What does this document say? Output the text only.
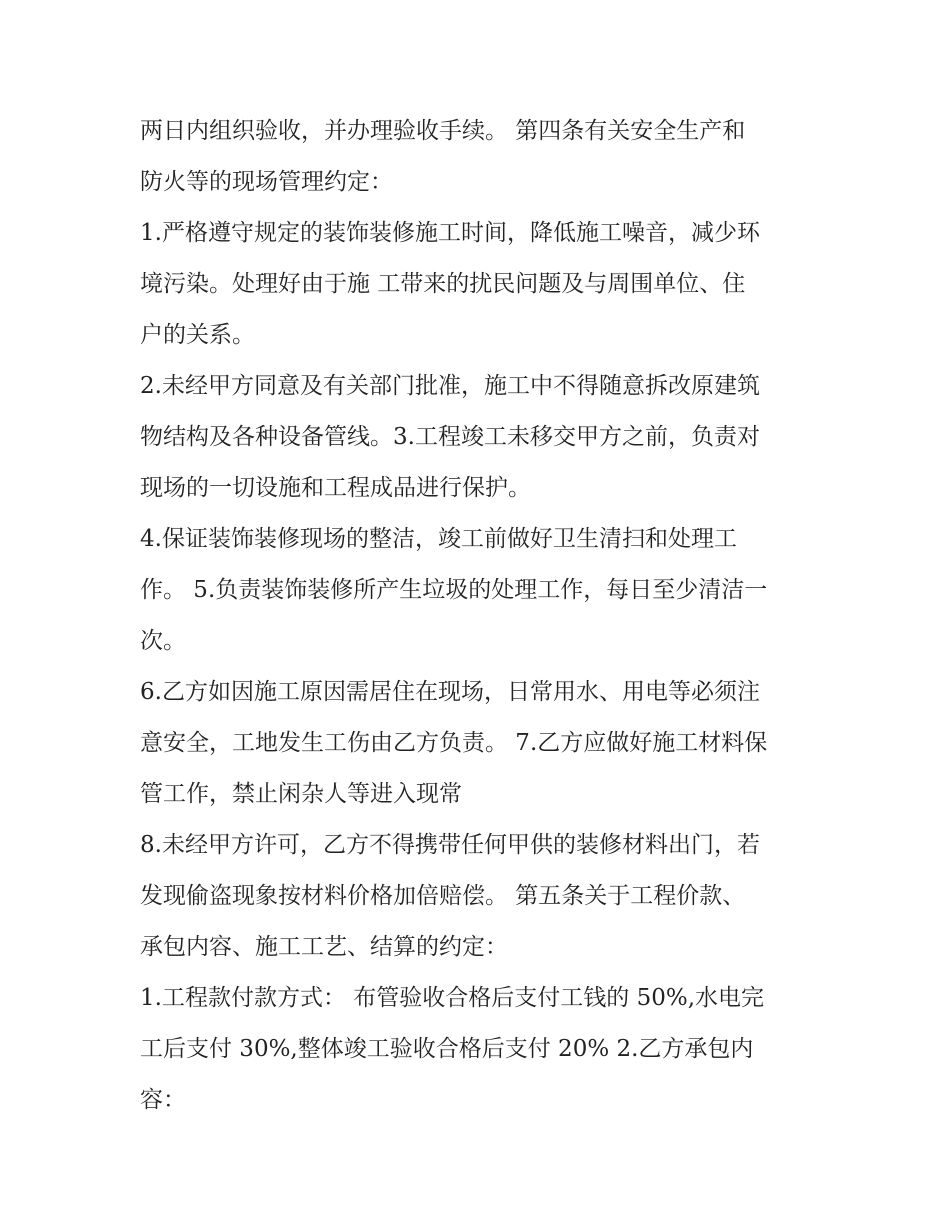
两日内组织验收，并办理验收手续。 第四条有关安全生产和
防火等的现场管理约定：
1.严格遵守规定的装饰装修施工时间，降低施工噪音，减少环
境污染。处理好由于施 工带来的扰民问题及与周围单位、住
户的关系。
2.未经甲方同意及有关部门批准，施工中不得随意拆改原建筑
物结构及各种设备管线。3.工程竣工未移交甲方之前，负责对
现场的一切设施和工程成品进行保护。
4.保证装饰装修现场的整洁，竣工前做好卫生清扫和处理工
作。 5.负责装饰装修所产生垃圾的处理工作，每日至少清洁一
次。
6.乙方如因施工原因需居住在现场，日常用水、用电等必须注
意安全，工地发生工伤由乙方负责。 7.乙方应做好施工材料保
管工作，禁止闲杂人等进入现常
8.未经甲方许可，乙方不得携带任何甲供的装修材料出门，若
发现偷盗现象按材料价格加倍赔偿。 第五条关于工程价款、
承包内容、施工工艺、结算的约定：
1.工程款付款方式： 布管验收合格后支付工钱的 50%,水电完
工后支付 30%,整体竣工验收合格后支付 20% 2.乙方承包内
容：
